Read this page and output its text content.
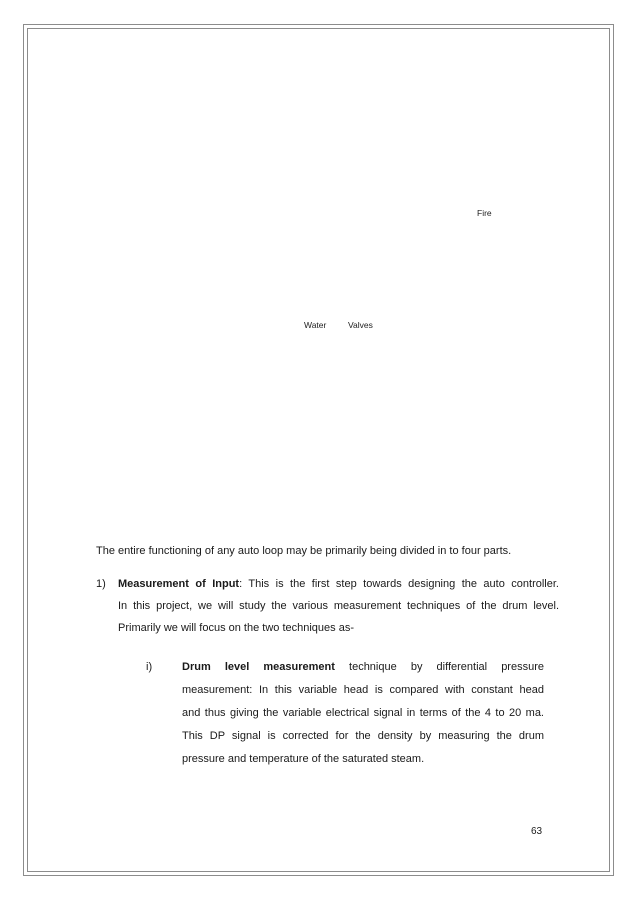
Fire
Water	Valves
The entire functioning of any auto loop may be primarily being divided in to four parts.
1) Measurement of Input: This is the first step towards designing the auto controller.
In this project, we will study the various measurement techniques of the drum level.
Primarily we will focus on the two techniques as-
i)	Drum level measurement technique by differential pressure
measurement: In this variable head is compared with constant head
and thus giving the variable electrical signal in terms of the 4 to 20 ma.
This DP signal is corrected for the density by measuring the drum
pressure and temperature of the saturated steam.
63
